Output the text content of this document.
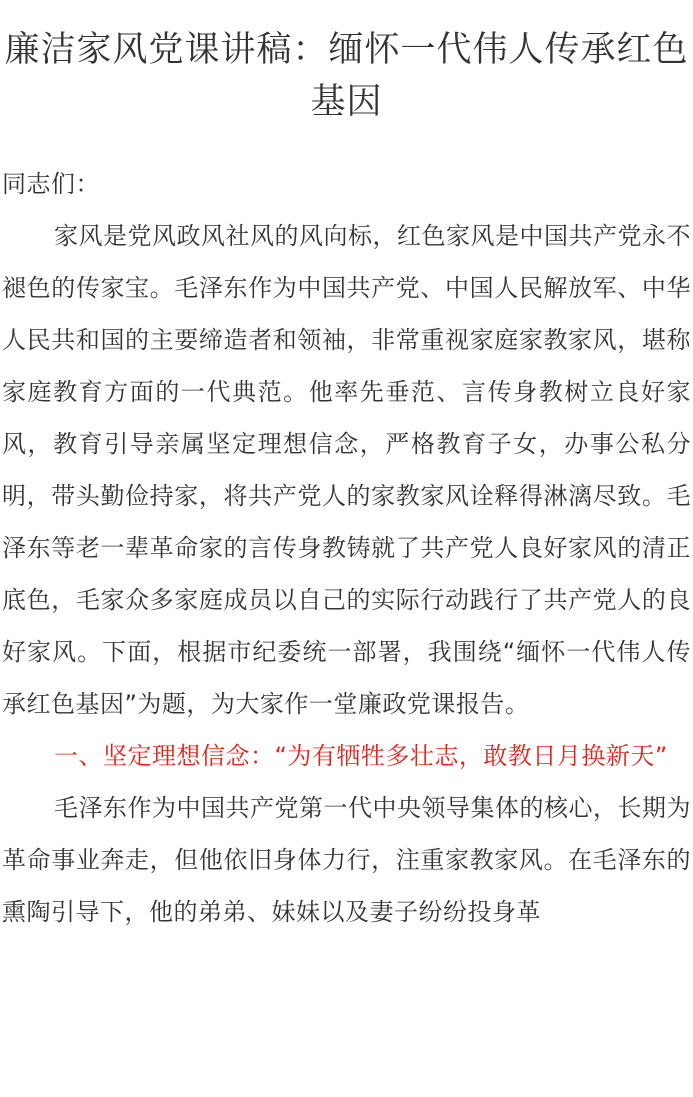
廉洁家风党课讲稿：缅怀一代伟人传承红色基因

同志们：

家风是党风政风社风的风向标，红色家风是中国共产党永不褪色的传家宝。毛泽东作为中国共产党、中国人民解放军、中华人民共和国的主要缔造者和领袖，非常重视家庭家教家风，堪称家庭教育方面的一代典范。他率先垂范、言传身教树立良好家风，教育引导亲属坚定理想信念，严格教育子女，办事公私分明，带头勤俭持家，将共产党人的家教家风诠释得淋漓尽致。毛泽东等老一辈革命家的言传身教铸就了共产党人良好家风的清正底色，毛家众多家庭成员以自己的实际行动践行了共产党人的良好家风。下面，根据市纪委统一部署，我围绕“缅怀一代伟人传承红色基因”为题，为大家作一堂廉政党课报告。

一、坚定理想信念：“为有牺牲多壮志，敢教日月换新天”

毛泽东作为中国共产党第一代中央领导集体的核心，长期为革命事业奔走，但他依旧身体力行，注重家教家风。在毛泽东的熏陶引导下，他的弟弟、妹妹以及妻子纷纷投身革
